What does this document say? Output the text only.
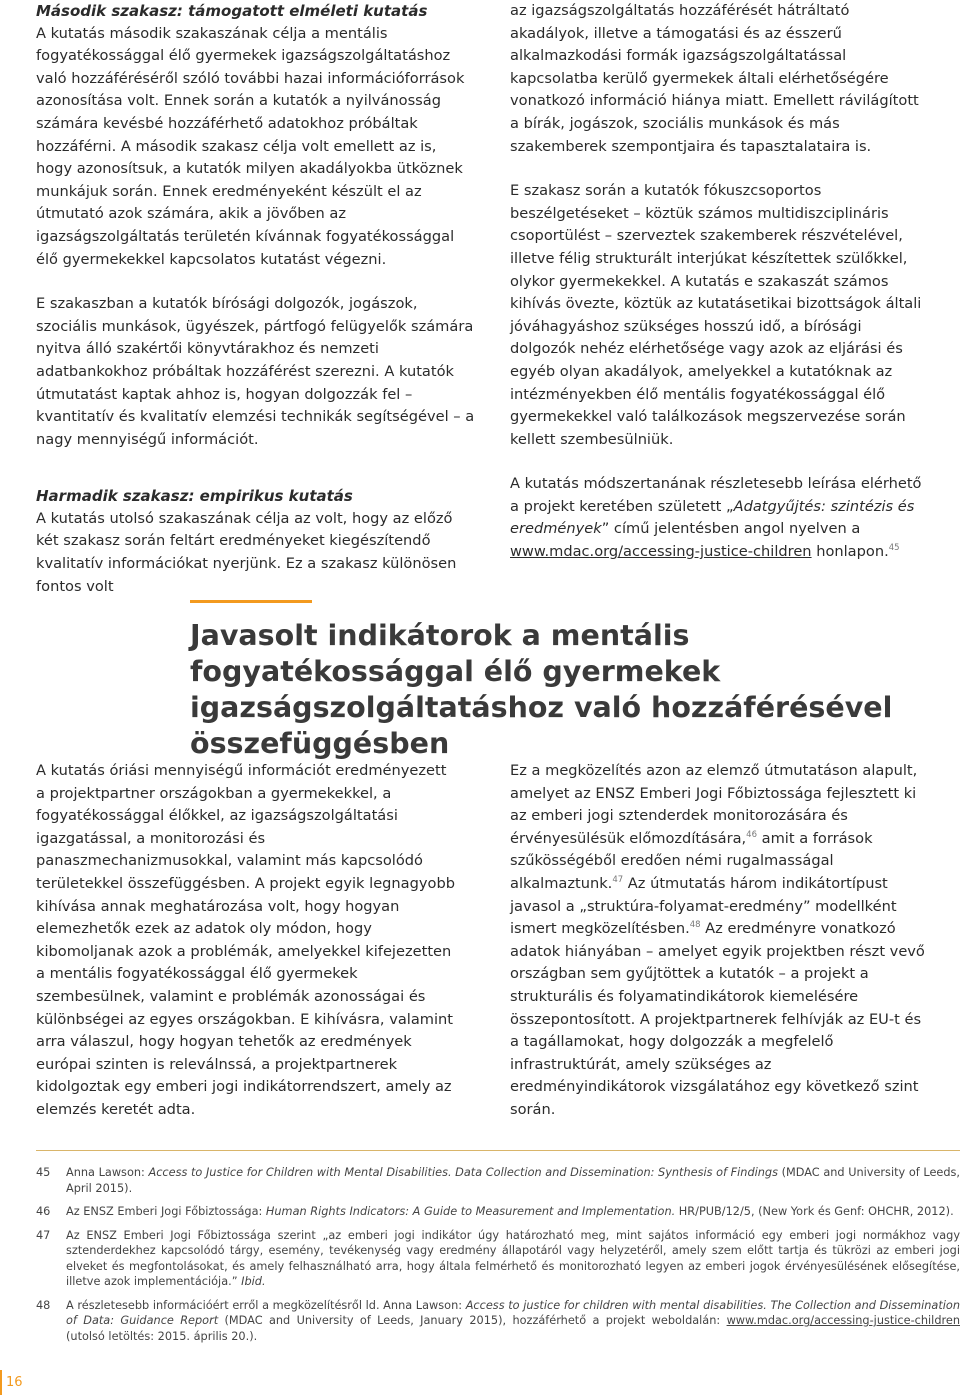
Második szakasz: támogatott elméleti kutatás

A kutatás második szakaszának célja a mentális fogyatékossággal élő gyermekek igazságszolgáltatáshoz való hozzáféréséről szóló további hazai információforrások azonosítása volt. Ennek során a kutatók a nyilvánosság számára kevésbé hozzáférhető adatokhoz próbáltak hozzáférni. A második szakasz célja volt emellett az is, hogy azonosítsuk, a kutatók milyen akadályokba ütköznek munkájuk során. Ennek eredményeként készült el az útmutató azok számára, akik a jövőben az igazságszolgáltatás területén kívánnak fogyatékossággal élő gyermekekkel kapcsolatos kutatást végezni.

E szakaszban a kutatók bírósági dolgozók, jogászok, szociális munkások, ügyészek, pártfogó felügyelők számára nyitva álló szakértői könyvtárakhoz és nemzeti adatbankokhoz próbáltak hozzáférést szerezni. A kutatók útmutatást kaptak ahhoz is, hogyan dolgozzák fel – kvantitatív és kvalitatív elemzési technikák segítségével – a nagy mennyiségű információt.

Harmadik szakasz: empirikus kutatás

A kutatás utolsó szakaszának célja az volt, hogy az előző két szakasz során feltárt eredményeket kiegészítendő kvalitatív információkat nyerjünk. Ez a szakasz különösen fontos volt

az igazságszolgáltatás hozzáférését hátráltató akadályok, illetve a támogatási és az ésszerű alkalmazkodási formák igazságszolgáltatással kapcsolatba kerülő gyermekek általi elérhetőségére vonatkozó információ hiánya miatt. Emellett rávilágított a bírák, jogászok, szociális munkások és más szakemberek szempontjaira és tapasztalataira is.

E szakasz során a kutatók fókuszcsoportos beszélgetéseket – köztük számos multidiszciplináris csoportülést – szerveztek szakemberek részvételével, illetve félig strukturált interjúkat készítettek szülőkkel, olykor gyermekekkel. A kutatás e szakaszát számos kihívás övezte, köztük az kutatásetikai bizottságok általi jóváhagyáshoz szükséges hosszú idő, a bírósági dolgozók nehéz elérhetősége vagy azok az eljárási és egyéb olyan akadályok, amelyekkel a kutatóknak az intézményekben élő mentális fogyatékossággal élő gyermekekkel való találkozások megszervezése során kellett szembesülniük.

A kutatás módszertanának részletesebb leírása elérhető a projekt keretében született „Adatgyűjtés: szintézis és eredmények” című jelentésben angol nyelven a www.mdac.org/accessing-justice-children honlapon.$^{45}$

Javasolt indikátorok a mentális fogyatékossággal élő gyermekek igazságszolgáltatáshoz való hozzáférésével összefüggésben

A kutatás óriási mennyiségű információt eredményezett a projektpartner országokban a gyermekekkel, a fogyatékossággal élőkkel, az igazságszolgáltatási igazgatással, a monitorozási és panaszmechanizmusokkal, valamint más kapcsolódó területekkel összefüggésben. A projekt egyik legnagyobb kihívása annak meghatározása volt, hogy hogyan elemezhetők ezek az adatok oly módon, hogy kibomoljanak azok a problémák, amelyekkel kifejezetten a mentális fogyatékossággal élő gyermekek szembesülnek, valamint e problémák azonosságai és különbségei az egyes országokban. E kihívásra, valamint arra válaszul, hogy hogyan tehetők az eredmények európai szinten is releválnssá, a projektpartnerek kidolgoztak egy emberi jogi indikátorrendszert, amely az elemzés keretét adta.

Ez a megközelítés azon az elemző útmutatáson alapult, amelyet az ENSZ Emberi Jogi Főbiztossága fejlesztett ki az emberi jogi sztenderdek monitorozására és érvényesülésük előmozdítására,$^{46}$ amit a források szűkösségéből eredően némi rugalmasságal alkalmaztunk.$^{47}$ Az útmutatás három indikátortípust javasol a „struktúra-folyamat-eredmény” modellként ismert megközelítésben.$^{48}$ Az eredményre vonatkozó adatok hiányában – amelyet egyik projektben részt vevő országban sem gyűjtöttek a kutatók – a projekt a strukturális és folyamatindikátorok kiemelésére összepontosított. A projektpartnerek felhívják az EU-t és a tagállamokat, hogy dolgozzák a megfelelő infrastruktúrát, amely szükséges az eredményindikátorok vizsgálatához egy következő szint során.

45	Anna Lawson: Access to Justice for Children with Mental Disabilities. Data Collection and Dissemination: Synthesis of Findings (MDAC and University of Leeds, April 2015).
46	Az ENSZ Emberi Jogi Főbiztossága: Human Rights Indicators: A Guide to Measurement and Implementation. HR/PUB/12/5, (New York és Genf: OHCHR, 2012).
47	Az ENSZ Emberi Jogi Főbiztossága szerint „az emberi jogi indikátor úgy határozható meg, mint sajátos információ egy emberi jogi normákhoz vagy sztenderdekhez kapcsolódó tárgy, esemény, tevékenység vagy eredmény állapotáról vagy helyzetéről, amely szem előtt tartja és tükrözi az emberi jogi elveket és megfontolásokat, és amely felhasználható arra, hogy általa felmérhető és monitorozható legyen az emberi jogok érvényesülésének elősegítése, illetve azok implementációja.” Ibid.
48	A részletesebb információért erről a megközelítésről ld. Anna Lawson: Access to justice for children with mental disabilities. The Collection and Dissemination of Data: Guidance Report (MDAC and University of Leeds, January 2015), hozzáférhető a projekt weboldalán: www.mdac.org/accessing-justice-children (utolsó letöltés: 2015. április 20.).
16
